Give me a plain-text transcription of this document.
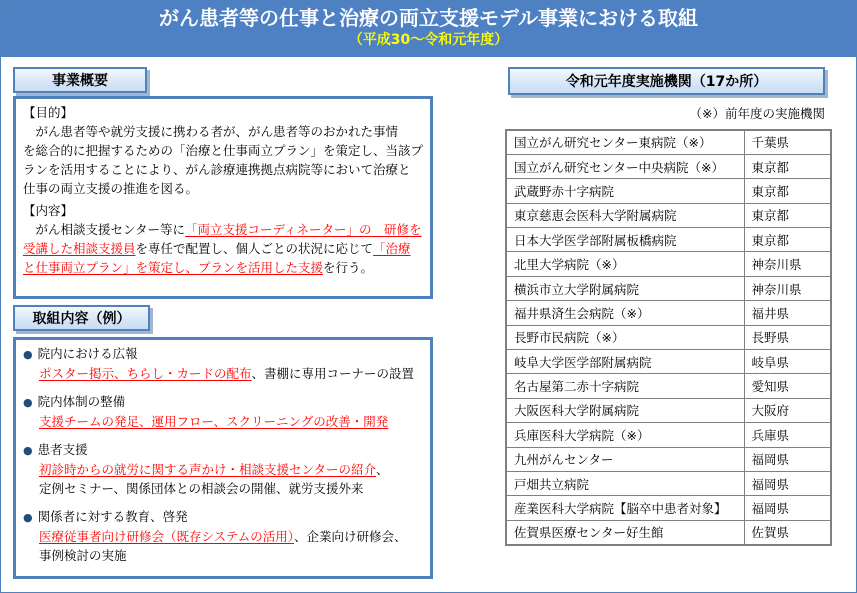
がん患者等の仕事と治療の両立支援モデル事業における取組
（平成30～令和元年度）
事業概要

【目的】

　がん患者等や就労支援に携わる者が、がん患者等のおかれた事情
を総合的に把握するための「治療と仕事両立プラン」を策定し、当該プ
ランを活用することにより、がん診療連携拠点病院等において治療と
仕事の両立支援の推進を図る。

【内容】

　がん相談支援センター等に「両立支援コーディネーター」の　研修を
受講した相談支援員を専任で配置し、個人ごとの状況に応じて「治療
と仕事両立プラン」を策定し、プランを活用した支援を行う。

取組内容（例）
● 院内における広報
ポスター掲示、ちらし・カードの配布、書棚に専用コーナーの設置
● 院内体制の整備
支援チームの発足、運用フロー、スクリーニングの改善・開発
● 患者支援
初診時からの就労に関する声かけ・相談支援センターの紹介、
定例セミナー、関係団体との相談会の開催、就労支援外来
● 関係者に対する教育、啓発
医療従事者向け研修会（既存システムの活用）、企業向け研修会、
事例検討の実施
令和元年度実施機関（17か所）
（※）前年度の実施機関
国立がん研究センター東病院（※）	千葉県
国立がん研究センター中央病院（※）	東京都
武蔵野赤十字病院	東京都
東京慈恵会医科大学附属病院	東京都
日本大学医学部附属板橋病院	東京都
北里大学病院（※）	神奈川県
横浜市立大学附属病院	神奈川県
福井県済生会病院（※）	福井県
長野市民病院（※）	長野県
岐阜大学医学部附属病院	岐阜県
名古屋第二赤十字病院	愛知県
大阪医科大学附属病院	大阪府
兵庫医科大学病院（※）	兵庫県
九州がんセンター	福岡県
戸畑共立病院	福岡県
産業医科大学病院【脳卒中患者対象】	福岡県
佐賀県医療センター好生館	佐賀県
